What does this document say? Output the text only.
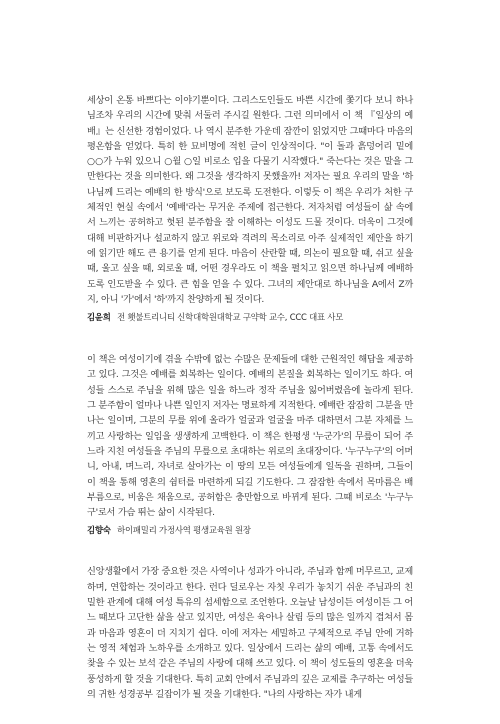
세상이 온통 바쁘다는 이야기뿐이다. 그리스도인들도 바쁜 시간에 쫓기다 보니 하나님조차 우리의 시간에 맞춰 서둘러 주시길 원한다. 그런 의미에서 이 책 『일상의 예배』는 신선한 경험이었다. 나 역시 분주한 가운데 잠깐이 읽었지만 그때마다 마음의 평온함을 얻었다. 특히 한 묘비명에 적힌 글이 인상적이다. "이 돌과 흙덩어리 밑에 ○○가 누워 있으니 ○월 ○일 비로소 입을 다물기 시작했다." 죽는다는 것은 말을 그만한다는 것을 의미한다. 왜 그것을 생각하지 못했을까! 저자는 필요 우리의 말을 '하나님께 드리는 예배의 한 방식'으로 보도록 도전한다. 이렇듯 이 책은 우리가 처한 구체적인 현실 속에서 '예배'라는 무거운 주제에 접근한다. 저자처럼 여성들이 삶 속에서 느끼는 공허하고 헛된 분주함을 잘 이해하는 이성도 드물 것이다. 더욱이 그것에 대해 비판하거나 설교하지 않고 위로와 격려의 목소리로 아주 실제적인 제안을 하기에 읽기만 해도 큰 용기를 얻게 된다. 마음이 산란할 때, 의논이 필요할 때, 쉬고 싶을 때, 울고 싶을 때, 외로울 때, 어떤 경우라도 이 책을 펼치고 읽으면 하나님께 예배하도록 인도받을 수 있다. 큰 힘을 얻을 수 있다. 그녀의 제안대로 하나님을 A에서 Z까지, 아니 '가'에서 '하'까지 찬양하게 될 것이다.

김윤희 전 횃불트리니티 신학대학원대학교 구약학 교수, CCC 대표 사모

이 책은 여성이기에 겪을 수밖에 없는 수많은 문제들에 대한 근원적인 해답을 제공하고 있다. 그것은 예배를 회복하는 일이다. 예배의 본질을 회복하는 일이기도 하다. 여성들 스스로 주님을 위해 많은 일을 하느라 정작 주님을 잃어버렸음에 놀라게 된다. 그 분주함이 얼마나 나쁜 일인지 저자는 명료하게 지적한다. 예배란 잠잠히 그분을 만나는 일이며, 그분의 무릎 위에 올라가 얼굴과 얼굴을 마주 대하면서 그분 자체를 느끼고 사랑하는 일임을 생생하게 고백한다. 이 책은 한평생 '누군가'의 무릎이 되어 주느라 지친 여성들을 주님의 무릎으로 초대하는 위로의 초대장이다. '누구누구'의 어머니, 아내, 며느리, 자녀로 살아가는 이 땅의 모든 여성들에게 일독을 권하며, 그들이 이 책을 통해 영혼의 쉼터를 마련하게 되길 기도한다. 그 잠잠한 속에서 목마름은 배부름으로, 비움은 채움으로, 공허함은 충만함으로 바뀌게 된다. 그때 비로소 '누구누구'로서 가슴 뛰는 삶이 시작된다.

김향숙 하이패밀리 가정사역 평생교육원 원장

신앙생활에서 가장 중요한 것은 사역이나 성과가 아니라, 주님과 함께 머무르고, 교제하며, 연합하는 것이라고 한다. 런다 딜로우는 자칫 우리가 놓치기 쉬운 주님과의 친밀한 관계에 대해 여성 특유의 섬세함으로 조언한다. 오늘날 남성이든 여성이든 그 어느 때보다 고단한 삶을 살고 있지만, 여성은 육아나 살림 등의 많은 일까지 겹쳐서 몸과 마음과 영혼이 더 지치기 쉽다. 이에 저자는 세밀하고 구체적으로 주님 안에 거하는 영적 체험과 노하우를 소개하고 있다. 일상에서 드리는 삶의 예배, 고통 속에서도 찾을 수 있는 보석 같은 주님의 사랑에 대해 쓰고 있다. 이 책이 성도들의 영혼을 더욱 풍성하게 할 것을 기대한다. 특히 교회 안에서 주님과의 깊은 교제를 추구하는 여성들의 귀한 성경공부 길잡이가 될 것을 기대한다. "나의 사랑하는 자가 내게
